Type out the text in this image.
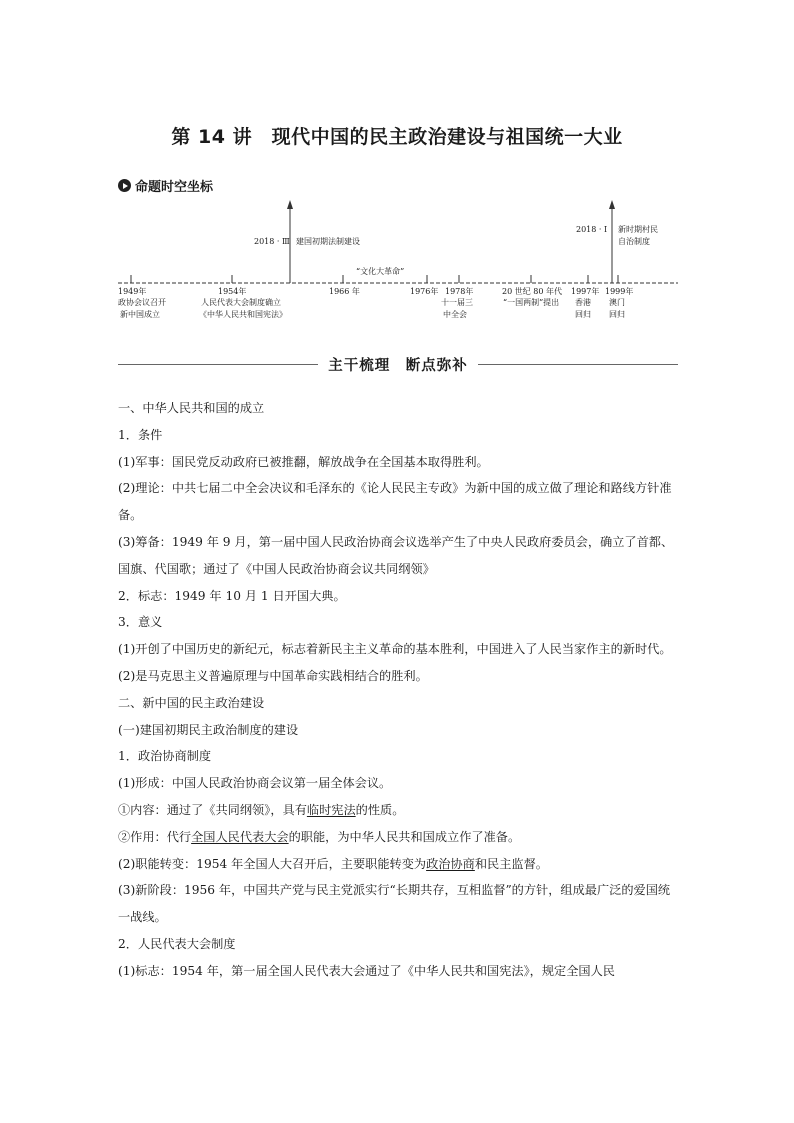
第 14 讲　现代中国的民主政治建设与祖国统一大业
命题时空坐标
1949年
政协会议召开
新中国成立
1954年
人民代表大会制度确立
《中华人民共和国宪法》
1966 年	1976年 1978年
十一届三
中全会
20 世纪 80 年代
“一国两制”提出
1997年
香港
回归
1999年
澳门
回归
“文化大革命”
2018 · Ⅲ 建国初期法制建设
2018 · Ⅰ 新时期村民
自治制度
主干梳理　断点弥补

一、中华人民共和国的成立

1．条件

(1)军事：国民党反动政府已被推翻，解放战争在全国基本取得胜利。

(2)理论：中共七届二中全会决议和毛泽东的《论人民民主专政》为新中国的成立做了理论和路线方针准备。

(3)筹备：1949 年 9 月，第一届中国人民政治协商会议选举产生了中央人民政府委员会，确立了首都、国旗、代国歌；通过了《中国人民政治协商会议共同纲领》

2．标志：1949 年 10 月 1 日开国大典。

3．意义

(1)开创了中国历史的新纪元，标志着新民主主义革命的基本胜利，中国进入了人民当家作主的新时代。

(2)是马克思主义普遍原理与中国革命实践相结合的胜利。

二、新中国的民主政治建设

(一)建国初期民主政治制度的建设

1．政治协商制度

(1)形成：中国人民政治协商会议第一届全体会议。

①内容：通过了《共同纲领》，具有临时宪法的性质。

②作用：代行全国人民代表大会的职能，为中华人民共和国成立作了准备。

(2)职能转变：1954 年全国人大召开后，主要职能转变为政治协商和民主监督。

(3)新阶段：1956 年，中国共产党与民主党派实行“长期共存，互相监督”的方针，组成最广泛的爱国统一战线。

2．人民代表大会制度

(1)标志：1954 年，第一届全国人民代表大会通过了《中华人民共和国宪法》，规定全国人民
